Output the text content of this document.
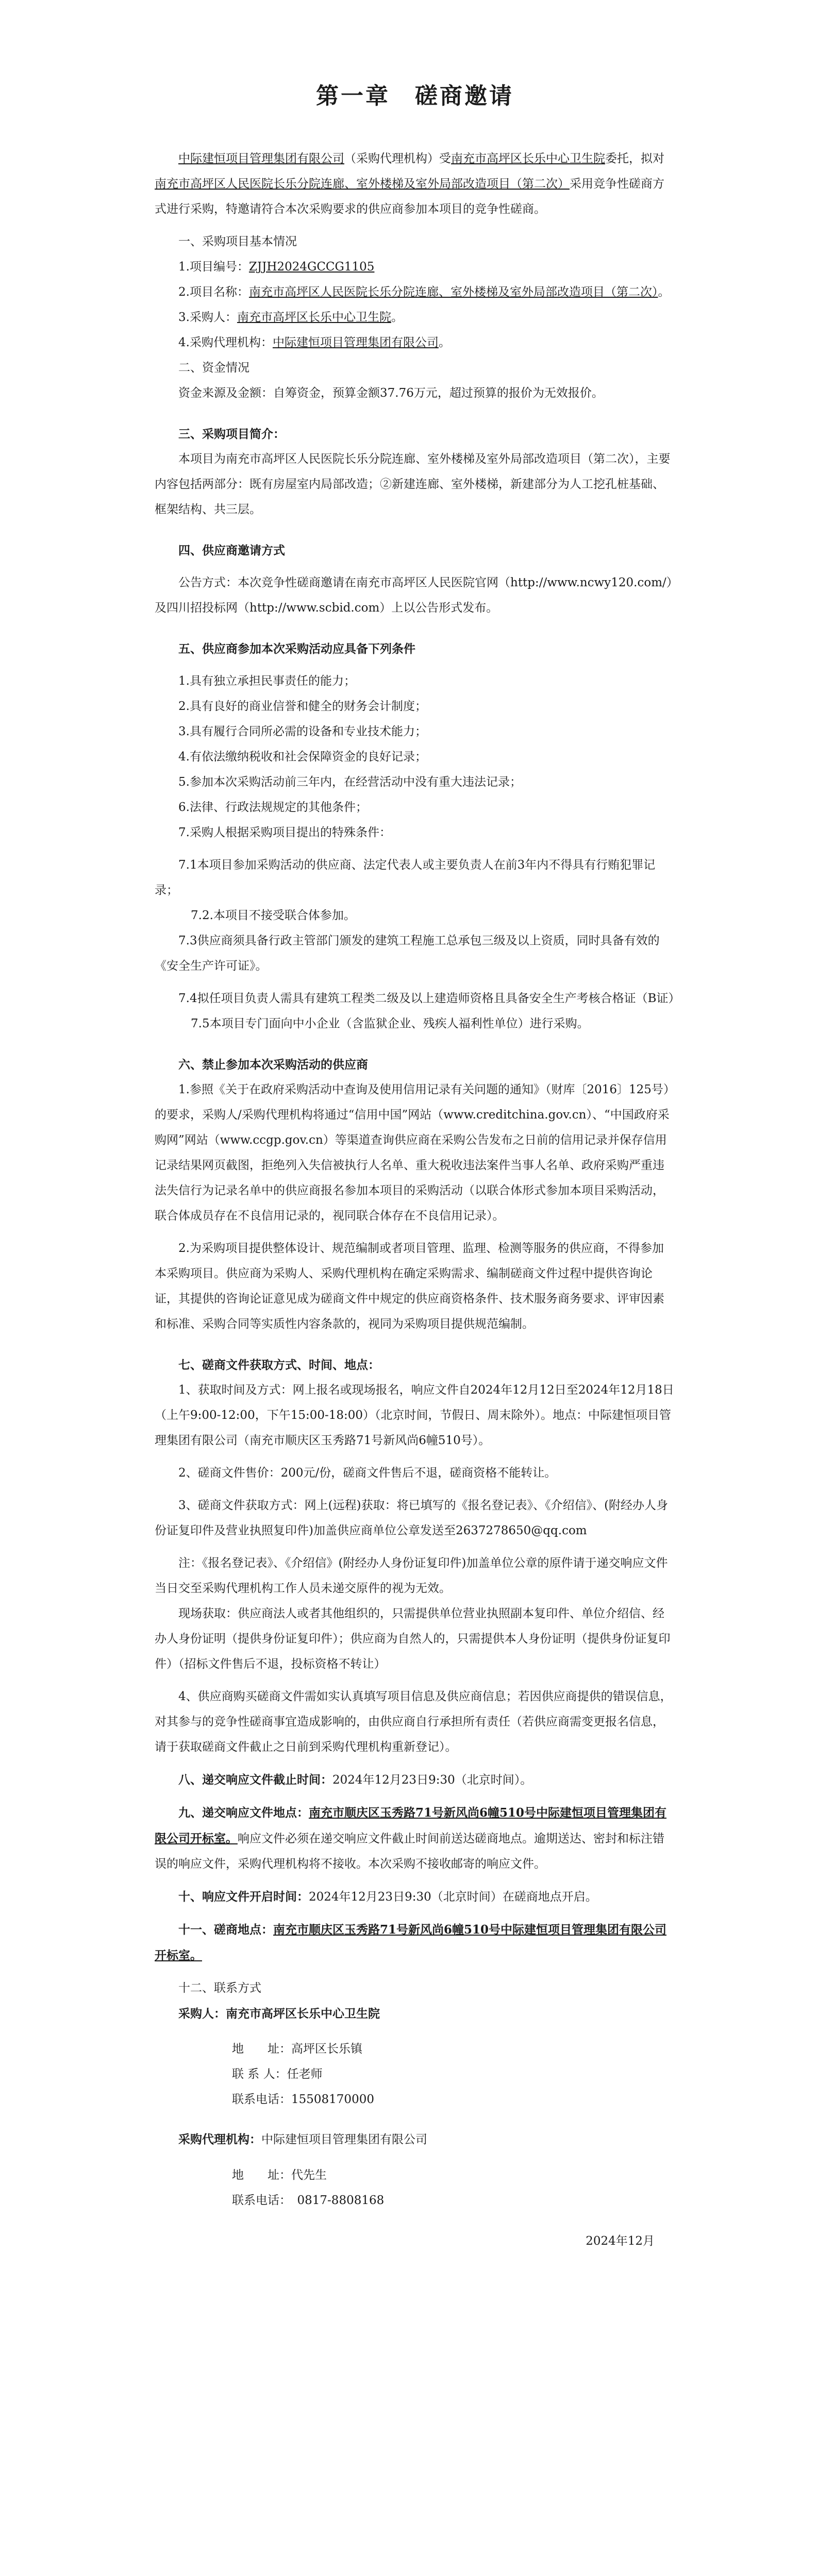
第一章　磋商邀请

中际建恒项目管理集团有限公司（采购代理机构）受南充市高坪区长乐中心卫生院委托，拟对南充市高坪区人民医院长乐分院连廊、室外楼梯及室外局部改造项目（第二次）采用竞争性磋商方式进行采购，特邀请符合本次采购要求的供应商参加本项目的竞争性磋商。

一、采购项目基本情况

1.项目编号：ZJJH2024GCCG1105

2.项目名称：南充市高坪区人民医院长乐分院连廊、室外楼梯及室外局部改造项目（第二次）。

3.采购人：南充市高坪区长乐中心卫生院。

4.采购代理机构：中际建恒项目管理集团有限公司。

二、资金情况

资金来源及金额：自筹资金，预算金额37.76万元，超过预算的报价为无效报价。

三、采购项目简介：

本项目为南充市高坪区人民医院长乐分院连廊、室外楼梯及室外局部改造项目（第二次），主要内容包括两部分：既有房屋室内局部改造；②新建连廊、室外楼梯，新建部分为人工挖孔桩基础、框架结构、共三层。

四、供应商邀请方式

公告方式：本次竞争性磋商邀请在南充市高坪区人民医院官网（http://www.ncwy120.com/）及四川招投标网（http://www.scbid.com）上以公告形式发布。

五、供应商参加本次采购活动应具备下列条件

1.具有独立承担民事责任的能力；

2.具有良好的商业信誉和健全的财务会计制度；

3.具有履行合同所必需的设备和专业技术能力；

4.有依法缴纳税收和社会保障资金的良好记录；

5.参加本次采购活动前三年内，在经营活动中没有重大违法记录；

6.法律、行政法规规定的其他条件；

7.采购人根据采购项目提出的特殊条件：

7.1本项目参加采购活动的供应商、法定代表人或主要负责人在前3年内不得具有行贿犯罪记录；

7.2.本项目不接受联合体参加。

7.3供应商须具备行政主管部门颁发的建筑工程施工总承包三级及以上资质，同时具备有效的《安全生产许可证》。

7.4拟任项目负责人需具有建筑工程类二级及以上建造师资格且具备安全生产考核合格证（B证）

7.5本项目专门面向中小企业（含监狱企业、残疾人福利性单位）进行采购。

六、禁止参加本次采购活动的供应商

1.参照《关于在政府采购活动中查询及使用信用记录有关问题的通知》（财库〔2016〕125号）的要求，采购人/采购代理机构将通过“信用中国”网站（www.creditchina.gov.cn）、“中国政府采购网”网站（www.ccgp.gov.cn）等渠道查询供应商在采购公告发布之日前的信用记录并保存信用记录结果网页截图，拒绝列入失信被执行人名单、重大税收违法案件当事人名单、政府采购严重违法失信行为记录名单中的供应商报名参加本项目的采购活动（以联合体形式参加本项目采购活动，联合体成员存在不良信用记录的，视同联合体存在不良信用记录）。

2.为采购项目提供整体设计、规范编制或者项目管理、监理、检测等服务的供应商，不得参加本采购项目。供应商为采购人、采购代理机构在确定采购需求、编制磋商文件过程中提供咨询论证，其提供的咨询论证意见成为磋商文件中规定的供应商资格条件、技术服务商务要求、评审因素和标准、采购合同等实质性内容条款的，视同为采购项目提供规范编制。

七、磋商文件获取方式、时间、地点：

1、获取时间及方式：网上报名或现场报名，响应文件自2024年12月12日至2024年12月18日（上午9:00-12:00，下午15:00-18:00）（北京时间，节假日、周末除外）。地点：中际建恒项目管理集团有限公司（南充市顺庆区玉秀路71号新风尚6幢510号）。

2、磋商文件售价：200元/份，磋商文件售后不退，磋商资格不能转让。

3、磋商文件获取方式：网上(远程)获取：将已填写的《报名登记表》、《介绍信》、(附经办人身份证复印件及营业执照复印件)加盖供应商单位公章发送至2637278650@qq.com

注：《报名登记表》、《介绍信》(附经办人身份证复印件)加盖单位公章的原件请于递交响应文件当日交至采购代理机构工作人员未递交原件的视为无效。

现场获取：供应商法人或者其他组织的，只需提供单位营业执照副本复印件、单位介绍信、经办人身份证明（提供身份证复印件）；供应商为自然人的，只需提供本人身份证明（提供身份证复印件）（招标文件售后不退，投标资格不转让）

4、供应商购买磋商文件需如实认真填写项目信息及供应商信息；若因供应商提供的错误信息，对其参与的竞争性磋商事宜造成影响的，由供应商自行承担所有责任（若供应商需变更报名信息，请于获取磋商文件截止之日前到采购代理机构重新登记）。

八、递交响应文件截止时间：2024年12月23日9:30（北京时间）。

九、递交响应文件地点：南充市顺庆区玉秀路71号新风尚6幢510号中际建恒项目管理集团有限公司开标室。响应文件必须在递交响应文件截止时间前送达磋商地点。逾期送达、密封和标注错误的响应文件，采购代理机构将不接收。本次采购不接收邮寄的响应文件。

十、响应文件开启时间：2024年12月23日9:30（北京时间）在磋商地点开启。

十一、磋商地点：南充市顺庆区玉秀路71号新风尚6幢510号中际建恒项目管理集团有限公司开标室。

十二、联系方式

采购人：南充市高坪区长乐中心卫生院

地　　址：高坪区长乐镇

联 系 人：任老师

联系电话：15508170000

采购代理机构：中际建恒项目管理集团有限公司

地　　址：代先生

联系电话：　0817-8808168

2024年12月
